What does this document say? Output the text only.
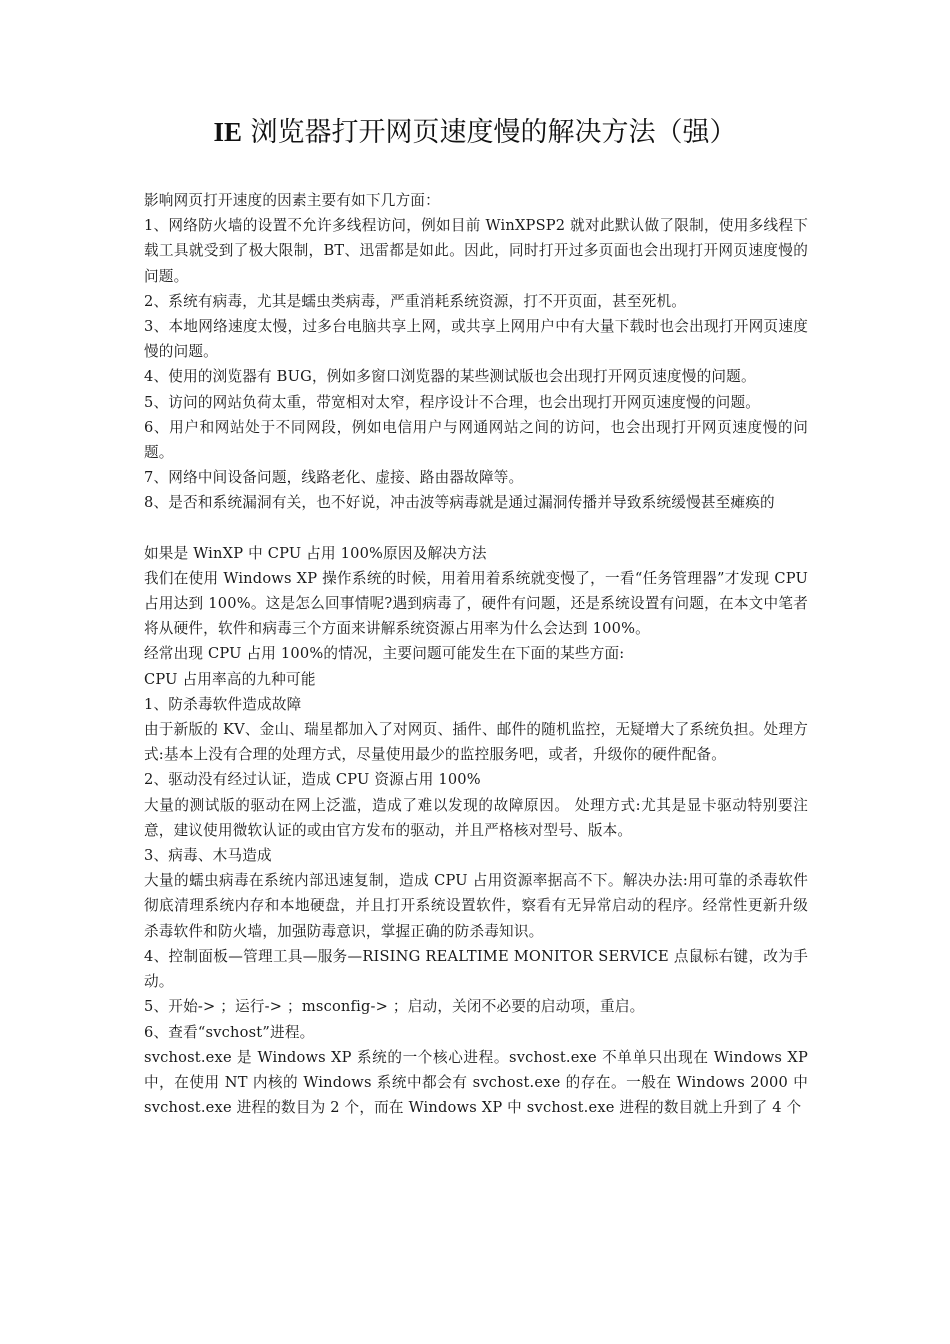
IE 浏览器打开网页速度慢的解决方法（强）

影响网页打开速度的因素主要有如下几方面：

1、网络防火墙的设置不允许多线程访问，例如目前 WinXPSP2 就对此默认做了限制，使用多线程下载工具就受到了极大限制，BT、迅雷都是如此。因此，同时打开过多页面也会出现打开网页速度慢的问题。

2、系统有病毒，尤其是蠕虫类病毒，严重消耗系统资源，打不开页面，甚至死机。

3、本地网络速度太慢，过多台电脑共享上网，或共享上网用户中有大量下载时也会出现打开网页速度慢的问题。

4、使用的浏览器有 BUG，例如多窗口浏览器的某些测试版也会出现打开网页速度慢的问题。

5、访问的网站负荷太重，带宽相对太窄，程序设计不合理，也会出现打开网页速度慢的问题。

6、用户和网站处于不同网段，例如电信用户与网通网站之间的访问，也会出现打开网页速度慢的问题。

7、网络中间设备问题，线路老化、虚接、路由器故障等。

8、是否和系统漏洞有关，也不好说，冲击波等病毒就是通过漏洞传播并导致系统缓慢甚至瘫痪的

如果是 WinXP 中 CPU 占用 100%原因及解决方法

我们在使用 Windows XP 操作系统的时候，用着用着系统就变慢了，一看“任务管理器”才发现 CPU 占用达到 100%。这是怎么回事情呢?遇到病毒了，硬件有问题，还是系统设置有问题，在本文中笔者将从硬件，软件和病毒三个方面来讲解系统资源占用率为什么会达到 100%。

经常出现 CPU 占用 100%的情况，主要问题可能发生在下面的某些方面:

CPU 占用率高的九种可能

1、防杀毒软件造成故障

由于新版的 KV、金山、瑞星都加入了对网页、插件、邮件的随机监控，无疑增大了系统负担。处理方式:基本上没有合理的处理方式，尽量使用最少的监控服务吧，或者，升级你的硬件配备。

2、驱动没有经过认证，造成 CPU 资源占用 100%

大量的测试版的驱动在网上泛滥，造成了难以发现的故障原因。 处理方式:尤其是显卡驱动特别要注意，建议使用微软认证的或由官方发布的驱动，并且严格核对型号、版本。

3、病毒、木马造成

大量的蠕虫病毒在系统内部迅速复制，造成 CPU 占用资源率据高不下。解决办法:用可靠的杀毒软件彻底清理系统内存和本地硬盘，并且打开系统设置软件，察看有无异常启动的程序。经常性更新升级杀毒软件和防火墙，加强防毒意识，掌握正确的防杀毒知识。

4、控制面板—管理工具—服务—RISING REALTIME MONITOR SERVICE 点鼠标右键，改为手动。

5、开始-> ；运行-> ；msconfig-> ；启动，关闭不必要的启动项，重启。

6、查看“svchost”进程。

svchost.exe 是 Windows XP 系统的一个核心进程。svchost.exe 不单单只出现在 Windows XP 中，在使用 NT 内核的 Windows 系统中都会有 svchost.exe 的存在。一般在 Windows 2000 中 svchost.exe 进程的数目为 2 个，而在 Windows XP 中 svchost.exe 进程的数目就上升到了 4 个
